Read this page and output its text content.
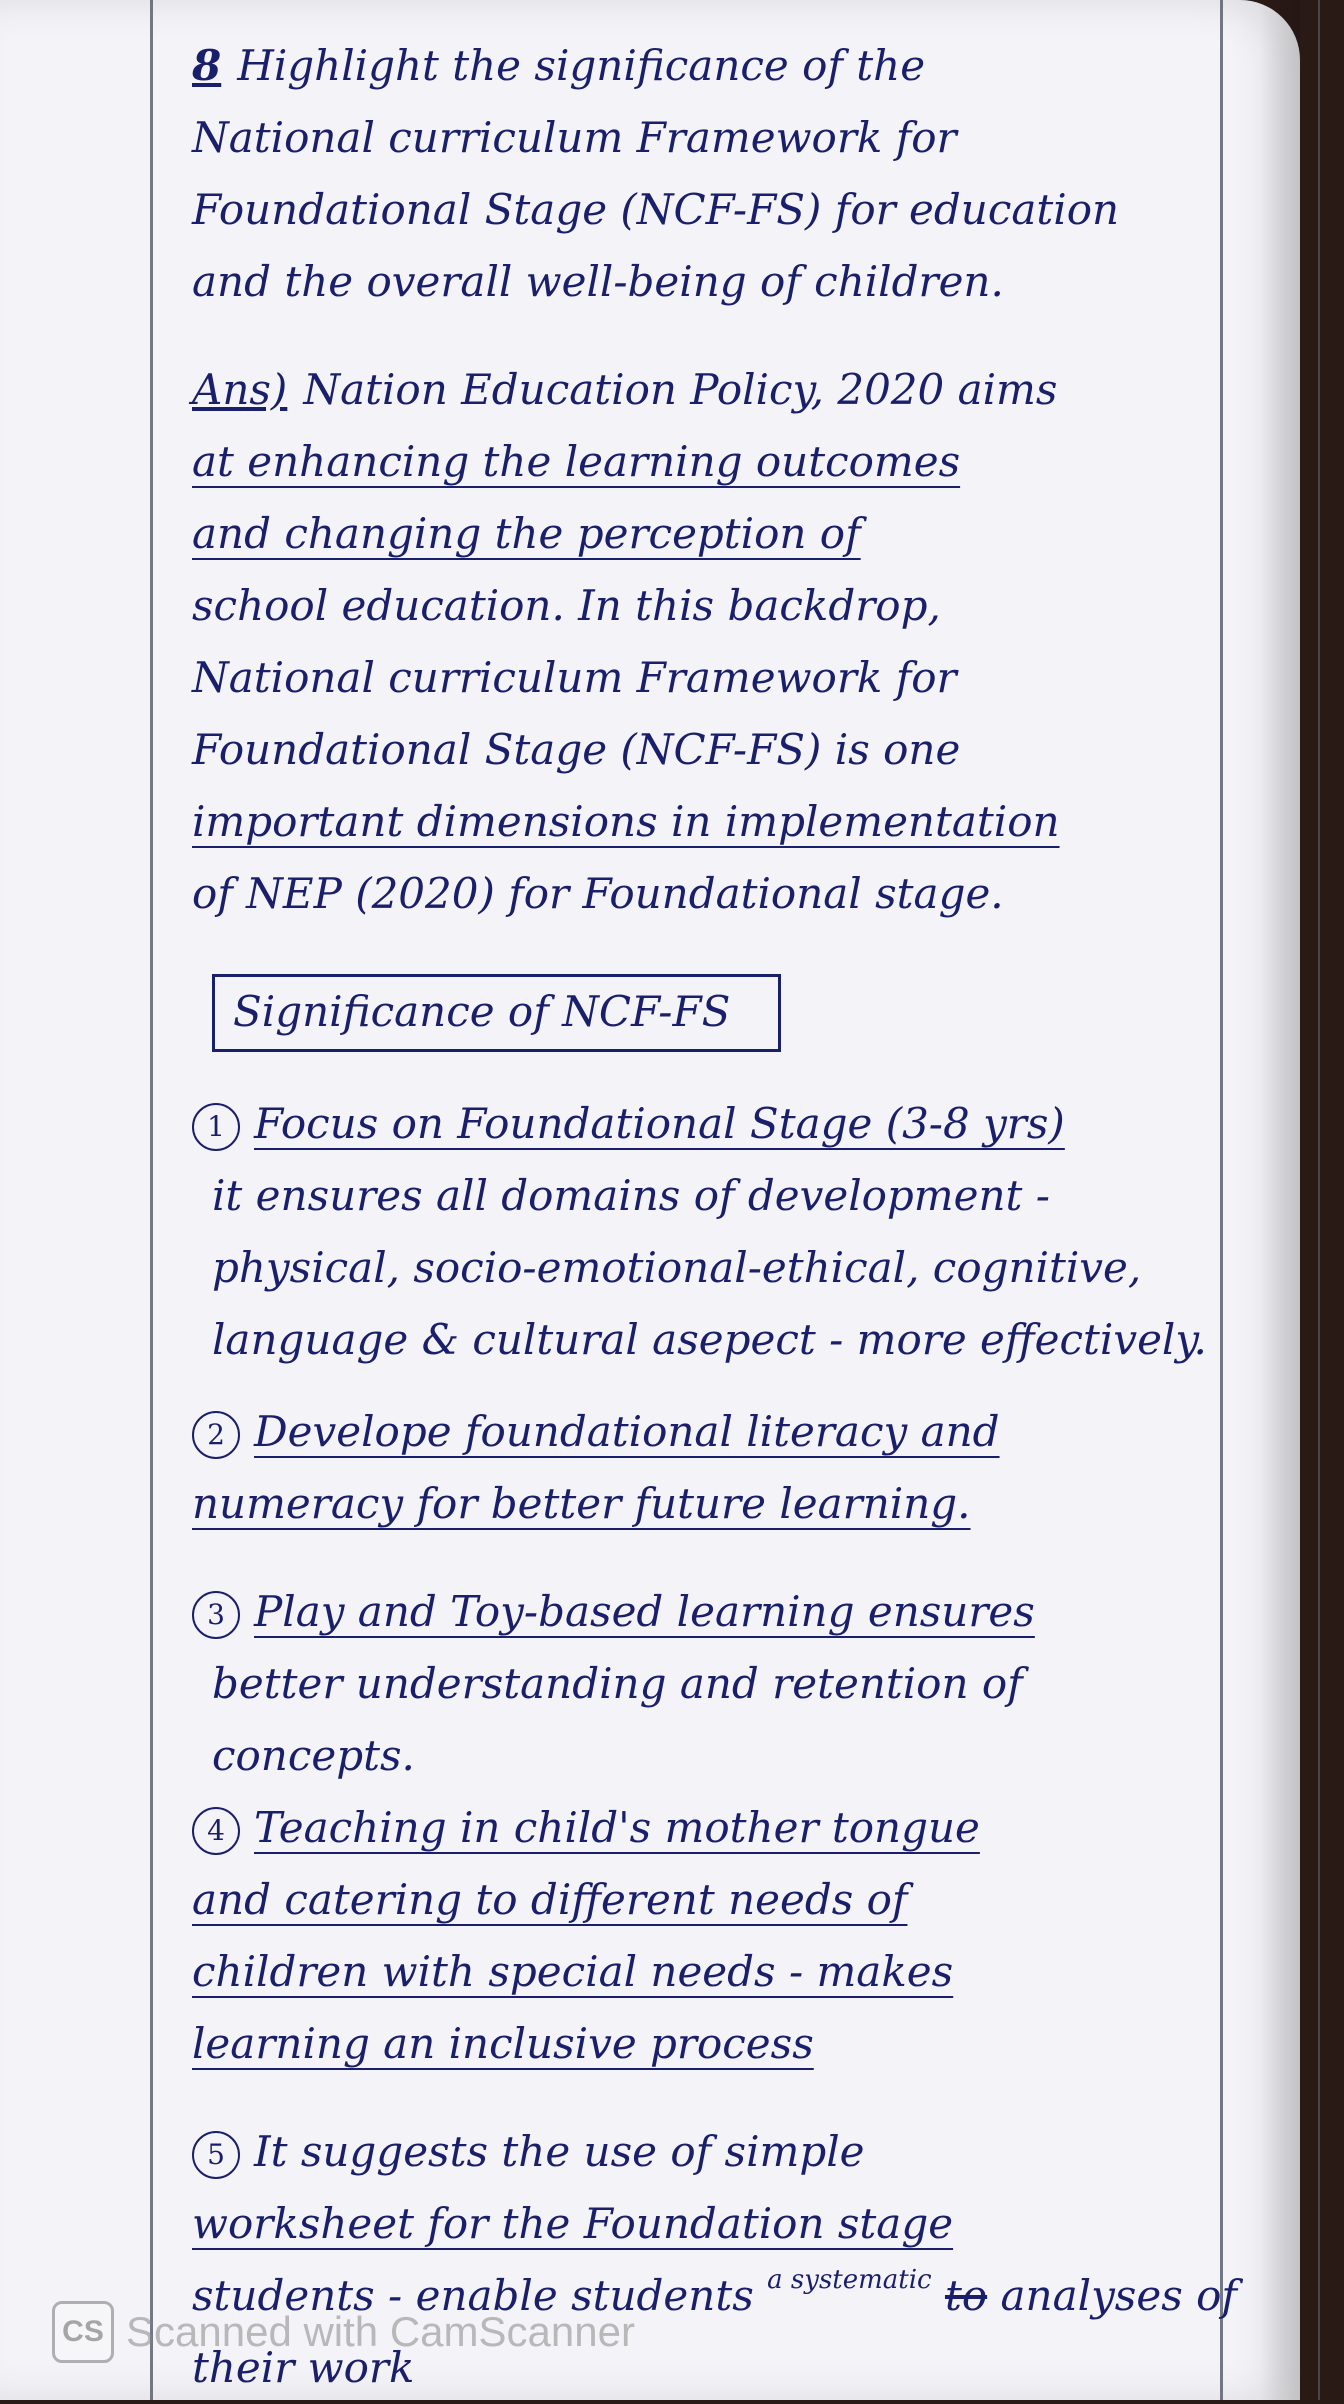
8 Highlight the significance of the
National curriculum Framework for
Foundational Stage (NCF-FS) for education
and the overall well-being of children.
Ans) Nation Education Policy, 2020 aims
at enhancing the learning outcomes
and changing the perception of
school education. In this backdrop,
National curriculum Framework for
Foundational Stage (NCF-FS) is one
important dimensions in implementation
of NEP (2020) for Foundational stage.
Significance of NCF-FS
1 Focus on Foundational Stage (3-8 yrs)
it ensures all domains of development -
physical, socio-emotional-ethical, cognitive,
language & cultural asepect - more effectively.
2 Develope foundational literacy and
numeracy for better future learning.
3 Play and Toy-based learning ensures
better understanding and retention of
concepts.
4 Teaching in child's mother tongue
and catering to different needs of
children with special needs - makes
learning an inclusive process
5 It suggests the use of simple
worksheet for the Foundation stage
students - enable students $^{a systematic}$ to analyses of
their work
CS Scanned with CamScanner
